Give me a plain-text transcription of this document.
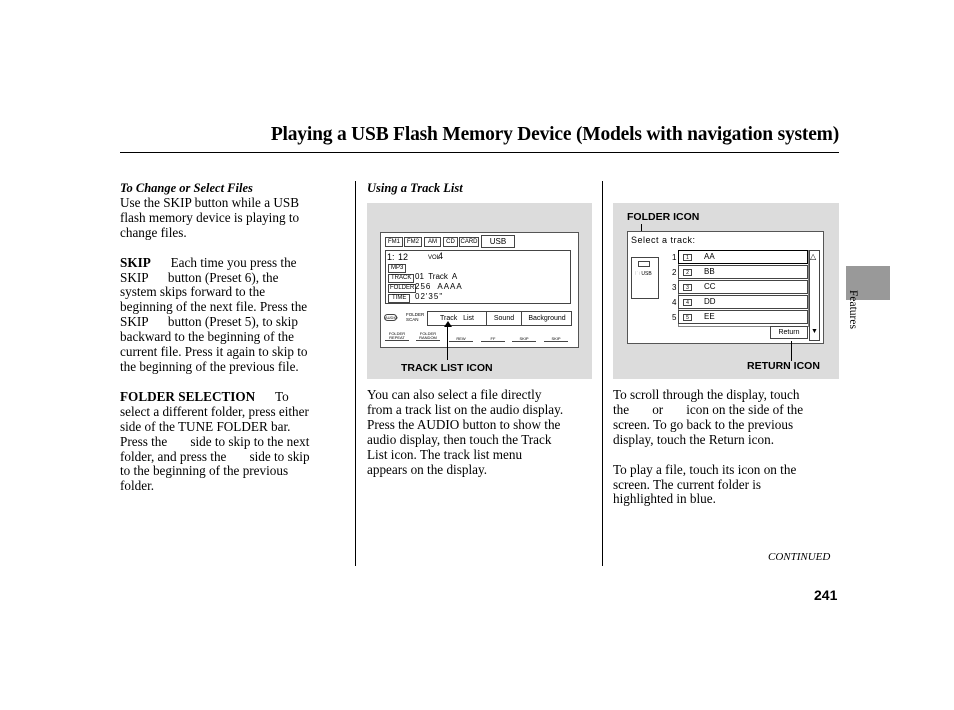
Playing a USB Flash Memory Device (Models with navigation system)
Features

To Change or Select Files

Use the SKIP button while a USB

flash memory device is playing to

change files.

SKIP Each time you press the

SKIP      button (Preset 6), the

system skips forward to the

beginning of the next file. Press the

SKIP      button (Preset 5), to skip

backward to the beginning of the

current file. Press it again to skip to

the beginning of the previous file.

FOLDER SELECTION To

select a different folder, press either

side of the TUNE FOLDER bar.

Press the       side to skip to the next

folder, and press the       side to skip

to the beginning of the previous

folder.

Using a Track List
FM1	FM2	AM	CD CARD	USB
1: 12	VOL
4
MP3
TRACK 01  Track  A
FOLDER 256  AAAA
TIME	02'35"
AUDIO
FOLDER SCAN	Track   List	Sound	Background
FOLDER REPEAT
FOLDER RANDOM	REW	FF	SKIP	SKIP
TRACK LIST ICON

You can also select a file directly

from a track list on the audio display.

Press the AUDIO button to show the

audio display, then touch the Track

List icon. The track list menu

appears on the display.

FOLDER ICON
Select a track:
🗀 USB
1	1	AA
2	2	BB
3	3	CC
4	4	DD
5	5	EE
△
▼
Return
RETURN ICON

To scroll through the display, touch

the       or       icon on the side of the

screen. To go back to the previous

display, touch the Return icon.

To play a file, touch its icon on the

screen. The current folder is

highlighted in blue.

CONTINUED
241
